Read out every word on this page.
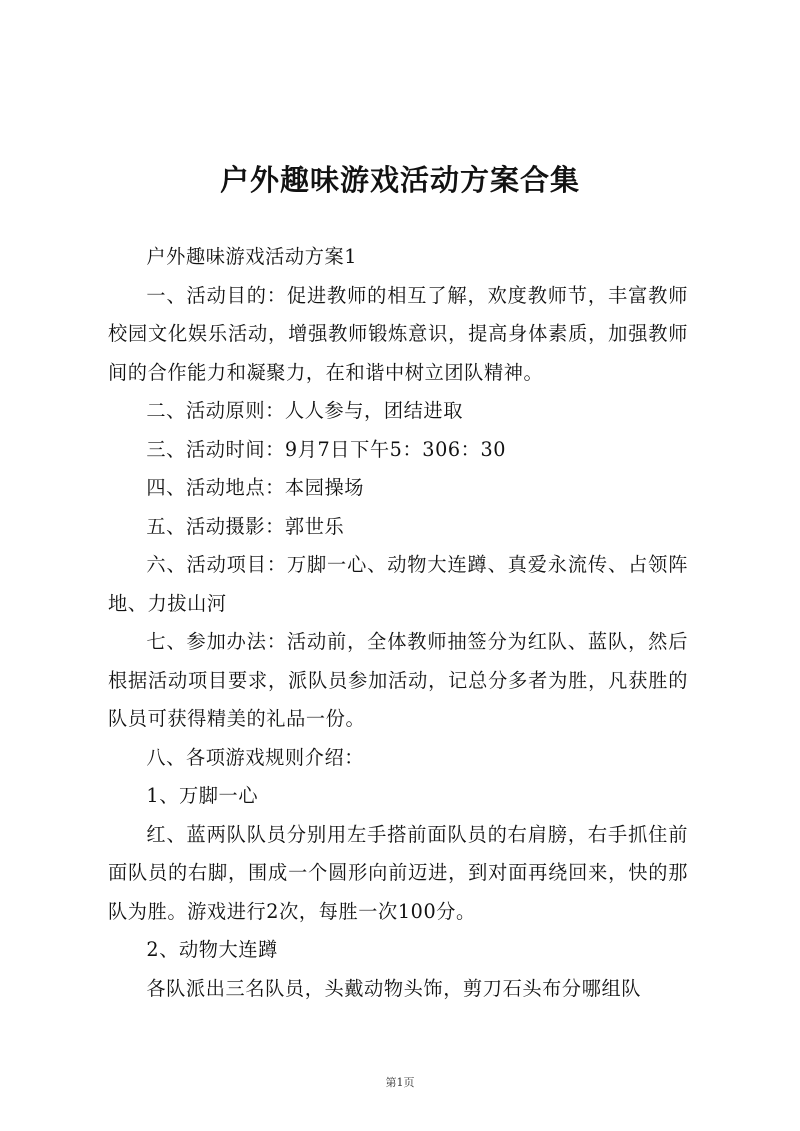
户外趣味游戏活动方案合集

户外趣味游戏活动方案1

一、活动目的：促进教师的相互了解，欢度教师节，丰富教师校园文化娱乐活动，增强教师锻炼意识，提高身体素质，加强教师间的合作能力和凝聚力，在和谐中树立团队精神。

二、活动原则：人人参与，团结进取

三、活动时间：9月7日下午5：306：30

四、活动地点：本园操场

五、活动摄影：郭世乐

六、活动项目：万脚一心、动物大连蹲、真爱永流传、占领阵地、力拔山河

七、参加办法：活动前，全体教师抽签分为红队、蓝队，然后根据活动项目要求，派队员参加活动，记总分多者为胜，凡获胜的队员可获得精美的礼品一份。

八、各项游戏规则介绍：

1、万脚一心

红、蓝两队队员分别用左手搭前面队员的右肩膀，右手抓住前面队员的右脚，围成一个圆形向前迈进，到对面再绕回来，快的那队为胜。游戏进行2次，每胜一次100分。

2、动物大连蹲

各队派出三名队员，头戴动物头饰，剪刀石头布分哪组队

第1页
